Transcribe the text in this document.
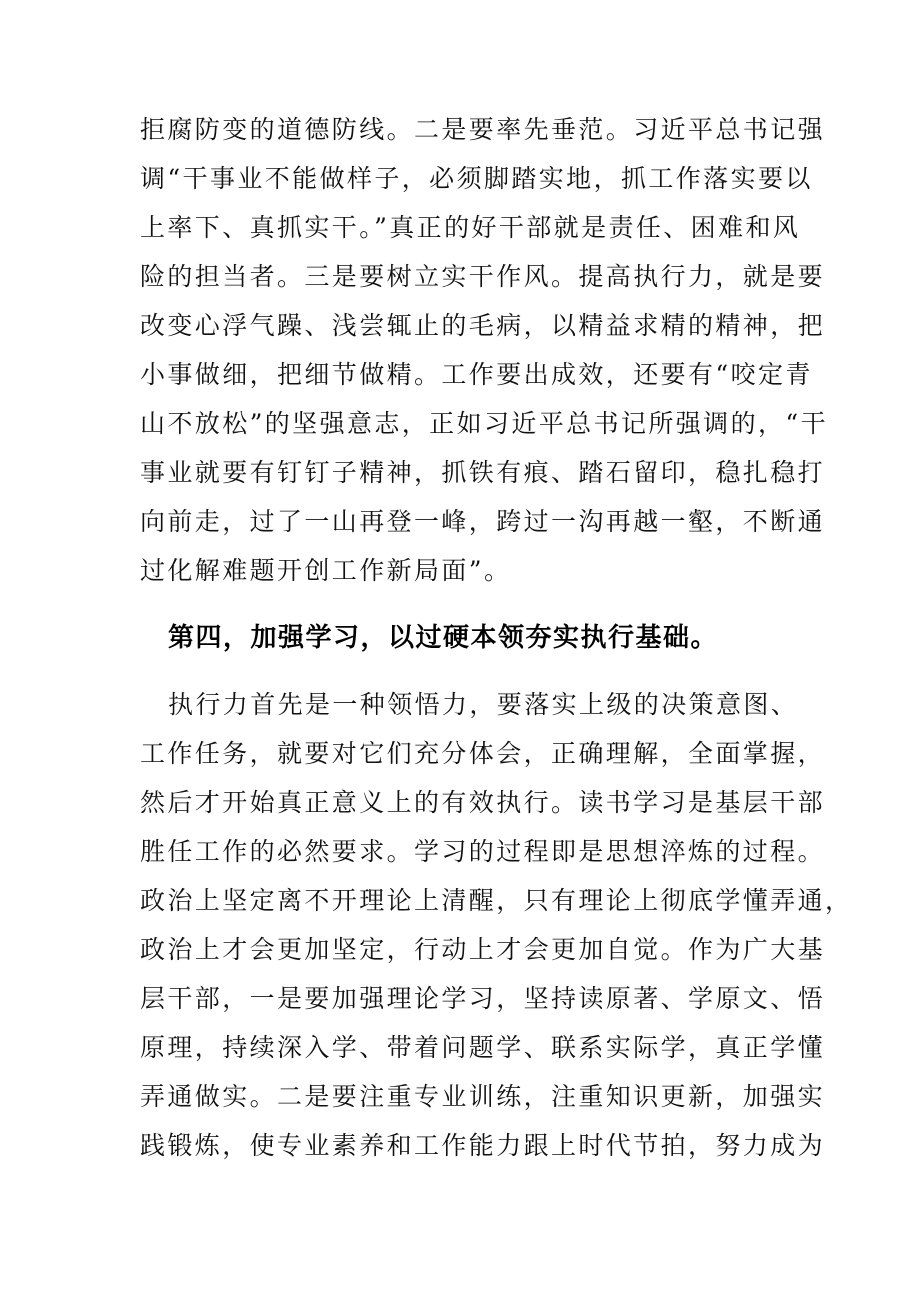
拒腐防变的道德防线。二是要率先垂范。习近平总书记强
调“干事业不能做样子，必须脚踏实地，抓工作落实要以
上率下、真抓实干。”真正的好干部就是责任、困难和风
险的担当者。三是要树立实干作风。提高执行力，就是要
改变心浮气躁、浅尝辄止的毛病，以精益求精的精神，把
小事做细，把细节做精。工作要出成效，还要有“咬定青
山不放松”的坚强意志，正如习近平总书记所强调的，“干
事业就要有钉钉子精神，抓铁有痕、踏石留印，稳扎稳打
向前走，过了一山再登一峰，跨过一沟再越一壑，不断通
过化解难题开创工作新局面”。
第四，加强学习，以过硬本领夯实执行基础。
执行力首先是一种领悟力，要落实上级的决策意图、
工作任务，就要对它们充分体会，正确理解，全面掌握，
然后才开始真正意义上的有效执行。读书学习是基层干部
胜任工作的必然要求。学习的过程即是思想淬炼的过程。
政治上坚定离不开理论上清醒，只有理论上彻底学懂弄通，
政治上才会更加坚定，行动上才会更加自觉。作为广大基
层干部，一是要加强理论学习，坚持读原著、学原文、悟
原理，持续深入学、带着问题学、联系实际学，真正学懂
弄通做实。二是要注重专业训练，注重知识更新，加强实
践锻炼，使专业素养和工作能力跟上时代节拍，努力成为
